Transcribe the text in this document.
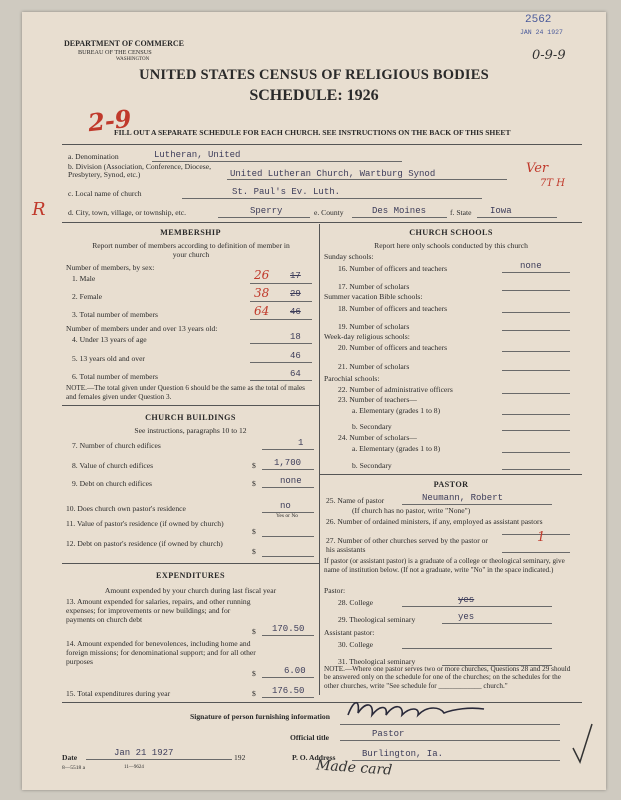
2562
JAN 24 1927
0-9-9
DEPARTMENT OF COMMERCE
BUREAU OF THE CENSUS
WASHINGTON
UNITED STATES CENSUS OF RELIGIOUS BODIES
SCHEDULE: 1926
2-9
R
FILL OUT A SEPARATE SCHEDULE FOR EACH CHURCH. SEE INSTRUCTIONS ON THE BACK OF THIS SHEET
a. Denomination	Lutheran, United
b. Division (Association, Conference, Diocese, Presbytery, Synod, etc.)	United Lutheran Church, Wartburg Synod	Ver
7T H
c. Local name of church	St. Paul's Ev. Luth.
d. City, town, village, or township, etc.	Sperry	e. County	Des Moines	f. State Iowa
MEMBERSHIP
Report number of members according to definition of member in your church
Number of members, by sex:
1. Male	26 17
2. Female	38 29
3. Total number of members	64 46
Number of members under and over 13 years old:
4. Under 13 years of age	18
5. 13 years old and over	46
6. Total number of members	64
NOTE.—The total given under Question 6 should be the same as the total of males and females given under Question 3.
CHURCH BUILDINGS
See instructions, paragraphs 10 to 12
7. Number of church edifices	1
8. Value of church edifices	$ 1,700
9. Debt on church edifices	$	none
10. Does church own pastor's residence	no
Yes or No
11. Value of pastor's residence (if owned by church)
$
12. Debt on pastor's residence (if owned by church)
$
EXPENDITURES
Amount expended by your church during last fiscal year
13. Amount expended for salaries, repairs, and other running expenses; for improvements or new buildings; and for payments on church debt
$ 170.50
14. Amount expended for benevolences, including home and foreign missions; for denominational support; and for all other purposes
$	6.00
15. Total expenditures during year	$ 176.50
CHURCH SCHOOLS
Report here only schools conducted by this church
Sunday schools:
16. Number of officers and teachers	none
17. Number of scholars
Summer vacation Bible schools:
18. Number of officers and teachers
19. Number of scholars
Week-day religious schools:
20. Number of officers and teachers
21. Number of scholars
Parochial schools:
22. Number of administrative officers
23. Number of teachers—
a. Elementary (grades 1 to 8)
b. Secondary
24. Number of scholars—
a. Elementary (grades 1 to 8)
b. Secondary
PASTOR
25. Name of pastor	Neumann, Robert
(If church has no pastor, write "None")
26. Number of ordained ministers, if any, employed as assistant pastors
27. Number of other churches served by the pastor or his assistants
1
If pastor (or assistant pastor) is a graduate of a college or theological seminary, give name of institution below. (If not a graduate, write "No" in the space indicated.)
Pastor:
28. College	yes
29. Theological seminary	yes
Assistant pastor:
30. College
31. Theological seminary
NOTE.—Where one pastor serves two or more churches, Questions 28 and 29 should be answered only on the schedule for one of the churches; on the schedules for the other churches, write "See schedule for ____________ church."
Signature of person furnishing information
Official title	Pastor
Date	Jan 21 1927	192	P. O. Address	Burlington, Ia.
8—5518 a	11—9624	Made card
